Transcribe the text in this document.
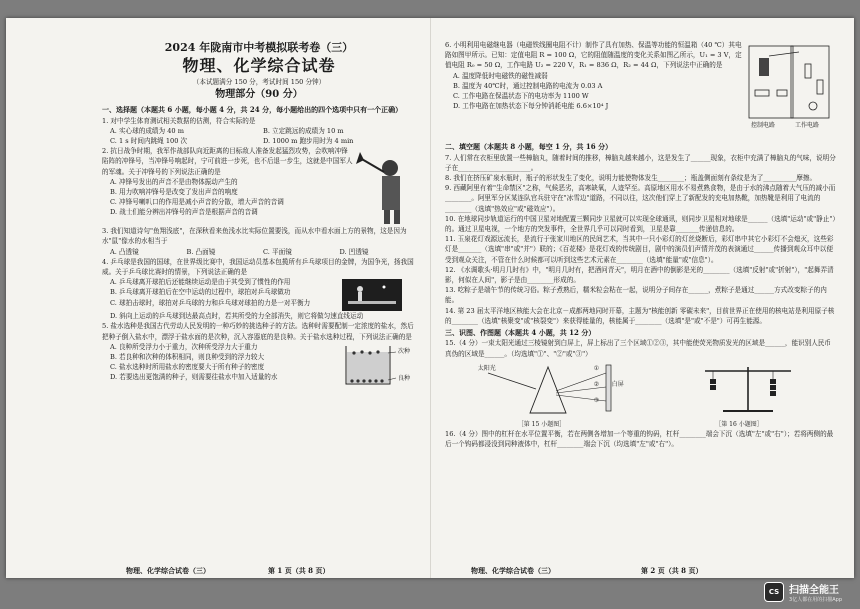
2024 年陇南市中考模拟联考卷（三）
物理、化学综合试卷
（本试题满分 150 分，考试时间 150 分钟）
物理部分（90 分）
一、选择题（本题共 6 小题，每小题 4 分，共 24 分，每小题给出的四个选项中只有一个正确）
1. 对中学生体育测试相关数据的估测，符合实际的是
A. 实心球的成绩为 40 m	B. 立定跳远的成绩为 10 m
C. 1 s 时间内跳绳 100 次	D. 1000 m 跑步用时为 4 min
2. 抗日战争时期，我军作战部队向近距离的目标敌人准备发起猛烈攻势，会吹响冲锋陷阵的冲锋号，当冲锋号响起时，宁可前进一步死，也不后退一步生，这就是中国军人的军魂。关于冲锋号的下列说法正确的是
A. 冲锋号发出的声音不是由物体振动产生的
B. 用力吹响冲锋号是改变了发出声音的响度
C. 冲锋号喇叭口的作用是减小声音的分散，增大声音的音调
D. 战士们能分辨出冲锋号的声音是根据声音的音调
3. 我们知道诗句"鱼翔浅底"，在深秋看来鱼浅水比实际位置要浅，而从水中看水面上方的景物，这是因为水"鼠"像水的水相当于
A. 凸透镜	B. 凸面镜	C. 平面镜	D. 凹透镜
4. 乒乓球是我国的国球，在世界级比赛中，我国运动员基本包揽所有乒乓球项目的金牌，为国争光，扬我国威。关于乒乓球比赛时的情景，下列说法正确的是
A. 乒乓球离开球拍后还能继续运动是由于其受到了惯性的作用
B. 乒乓球离开球拍后在空中运动的过程中，球拍对乒乓球做功
C. 球拍击球时，球拍对乒乓球的力和乒乓球对球拍的力是一对平衡力
D. 斜向上运动的乒乓球到达最高点时，若其所受的力全部消失，则它将做匀速直线运动
5. 盐水选种是我国古代劳动人民发明的一种巧妙的挑选种子的方法。选种时需要配制一定浓度的盐水，然后把种子倒入盐水中，漂浮于盐水面的是次种，沉入容器底的是良种。关于盐水选种过程，下列说法正确的是
A. 良种所受浮力小于重力，次种所受浮力大于重力
B. 若良种和次种的体积相同，则良种受到的浮力较大
C. 盐水选种时所用盐水的密度要大于所有种子的密度
D. 若要选出更饱满的种子，则需要往盐水中加入适量的水
次种
良种
物理、化学综合试卷（三）	第 1 页（共 8 页）
6. 小明利用电磁继电器（电磁铁线圈电阻不计）制作了具有加热、保温等功能的恒温箱（40 ℃）其电路如图甲所示。已知：定值电阻 R = 100 Ω，它的阻值随温度的变化关系如图乙所示，U₁ = 3 V，定值电阻 R₀ = 50 Ω，工作电路 U₂ = 220 V，R₁ = 836 Ω，R₂ = 44 Ω，下列说法中正确的是
A. 温度降低时电磁铁的磁性减弱
B. 温度为 40℃时，通过控制电路的电流为 0.03 A
C. 工作电路在保温状态下的电功率为 1100 W
D. 工作电路在加热状态下每分钟消耗电能 6.6×10⁴ J
控制电路	工作电路
二、填空题（本题共 8 小题，每空 1 分，共 16 分）
7. 人们常在衣柜里放置一些樟脑丸，随着时间的推移，樟脑丸越来越小，这是发生了______现象，衣柜中充满了樟脑丸的气味，说明分子在______________________。
8. 我们在挤压矿泉水瓶时，瓶子的形状发生了变化，说明力能使物体发生________；瓶盖侧面刻有条纹是为了__________摩擦。
9. 西藏阿里有着"生命禁区"之称，气候恶劣，高寒缺氧，人迹罕至。高原地区用水不易煮熟食物，是由于水的沸点随着大气压的减小而________。阿里军分区某连队官兵驻守在"冰雪边"道路，不同以往，这次他们穿上了新配发的充电加热靴，加热靴是利用了电流的________（选填"热效应"或"磁效应"）。
10. 在地球同步轨道运行的中国卫星对地配置三颗同步卫星就可以实现全球通讯，则同步卫星相对地球是______（选填"运动"或"静止"）的。通过卫星电视，一个地方的突发事件，全世界几乎可以同时看到，卫星是靠_______传递信息的。
11. 玉泉花灯戏源远流长，是流行于张家川地区的民间艺术，当其中一只小彩灯的灯丝烧断后，彩灯串中其它小彩灯不会熄灭，这些彩灯是_______（选填"串"或"并"）联的；《百花楼》是花灯戏的传统剧目，剧中的演员们声情并茂的表演通过______传播到观众耳中以便受到观众关注，不管在什么时候都可以听到这些艺术元素在________（选填"能量"或"信息"）。
12. 《水调歌头·明月几时有》中，"明月几时有，把酒问青天"，明月在酒中的倒影是光的________（选填"反射"或"折射"），"起舞弄清影，何似在人间"，影子是由________形成的。
13. 吃粽子是端午节的传统习俗。粽子煮熟后，糯米粒会粘在一起，说明分子间存在______，煮粽子是通过______方式改变粽子的内能。
14. 第 23 届太平洋地区核能大会在北京－成都两地同时开幕，主题为"核能创新 零碳未来"，目前世界正在使用的核电站是利用原子核的________（选填"核聚变"或"核裂变"）来获得能量的，核能属于________（选填"是"或"不是"）可再生能源。
三、识图、作图题（本题共 4 小题，共 12 分）
15.（4 分）一束太阳光通过三棱镜射到白屏上，屏上标出了三个区域①②③，其中能使荧光物质发光的区域是______，能识别人民币真伪的区域是______。（均选填"①"、"②"或"③"）
太阳光
白屏
①
②
③
［第 15 小题图］	［第 16 小题图］
16.（4 分）图中的杠杆在水平位置平衡，若在两侧各增加一个等重的钩码，杠杆________端会下沉（选填"左"或"右"）；若将两侧的最后一个钩码都浸没到同种液体中，杠杆________端会下沉（均选填"左"或"右"）。
物理、化学综合试卷（三）	第 2 页（共 8 页）
CS 扫描全能王
3亿人都在用的扫描App
